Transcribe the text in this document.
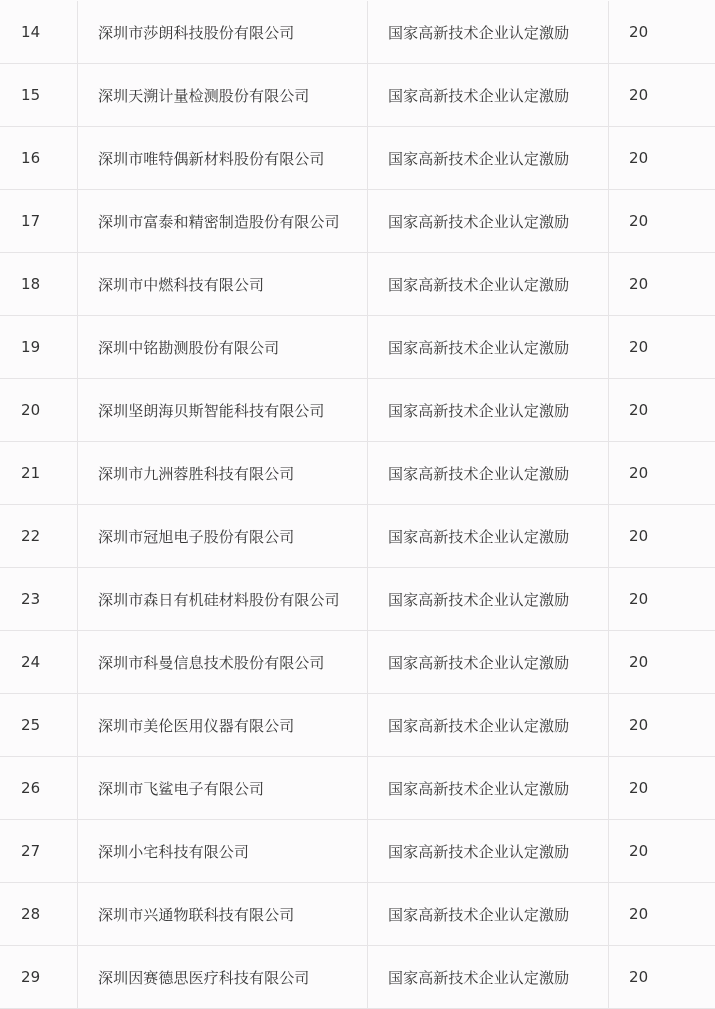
14	深圳市莎朗科技股份有限公司	国家高新技术企业认定激励	20
15	深圳天溯计量检测股份有限公司	国家高新技术企业认定激励	20
16	深圳市唯特偶新材料股份有限公司	国家高新技术企业认定激励	20
17	深圳市富泰和精密制造股份有限公司	国家高新技术企业认定激励	20
18	深圳市中燃科技有限公司	国家高新技术企业认定激励	20
19	深圳中铭勘测股份有限公司	国家高新技术企业认定激励	20
20	深圳坚朗海贝斯智能科技有限公司	国家高新技术企业认定激励	20
21	深圳市九洲蓉胜科技有限公司	国家高新技术企业认定激励	20
22	深圳市冠旭电子股份有限公司	国家高新技术企业认定激励	20
23	深圳市森日有机硅材料股份有限公司	国家高新技术企业认定激励	20
24	深圳市科曼信息技术股份有限公司	国家高新技术企业认定激励	20
25	深圳市美伦医用仪器有限公司	国家高新技术企业认定激励	20
26	深圳市飞鲨电子有限公司	国家高新技术企业认定激励	20
27	深圳小宅科技有限公司	国家高新技术企业认定激励	20
28	深圳市兴通物联科技有限公司	国家高新技术企业认定激励	20
29	深圳因赛德思医疗科技有限公司	国家高新技术企业认定激励	20
